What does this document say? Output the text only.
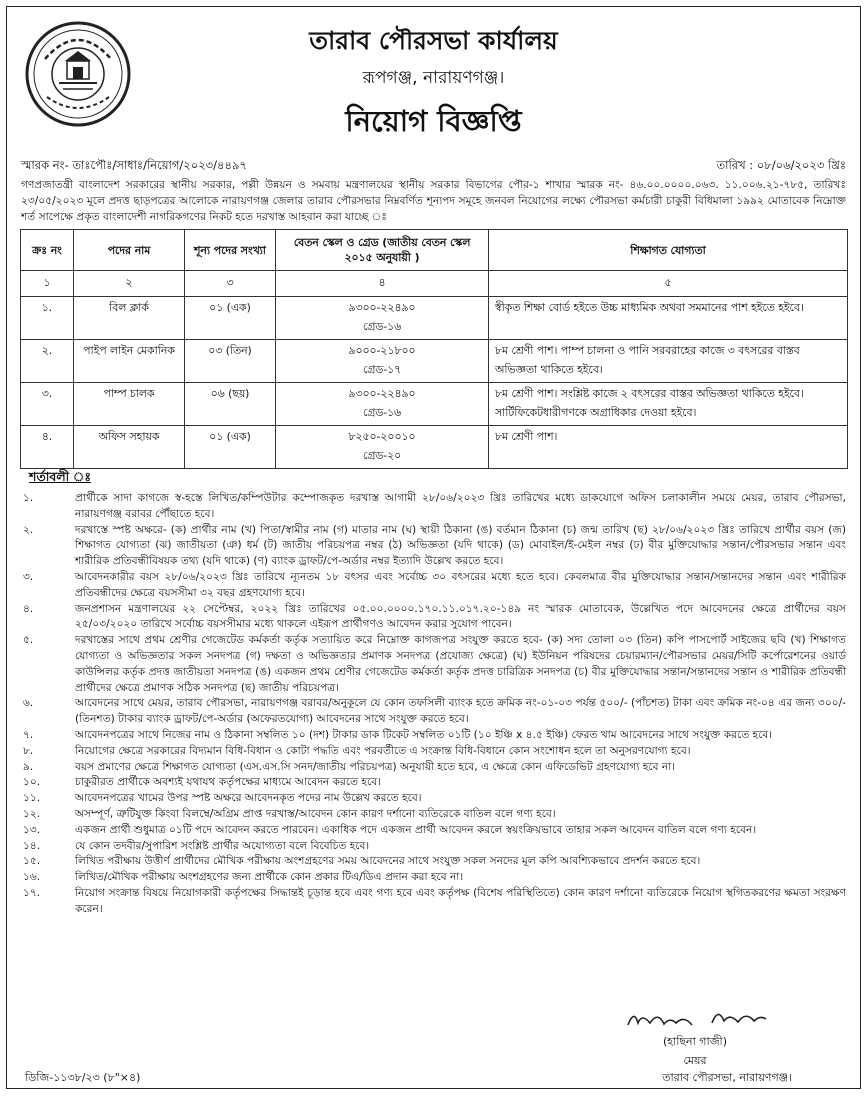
তারাব পৌরসভা কার্যালয়
রূপগঞ্জ, নারায়ণগঞ্জ।
নিয়োগ বিজ্ঞপ্তি
স্মারক নং- তাঃপৌঃ/সাধাঃ/নিয়োগ/২০২৩/৪৪৯৭	তারিখ : ০৮/০৬/২০২৩ খ্রিঃ
গণপ্রজাতন্ত্রী বাংলাদেশ সরকারের স্থানীয় সরকার, পল্লী উন্নয়ন ও সমবায় মন্ত্রণালয়ের স্থানীয় সরকার বিভাগের পৌর-১ শাখার স্মারক নং- ৪৬.০০.০০০০.০৬৩. ১১.০০৬.২১-৭৮৫, তারিখঃ ২৩/০৫/২০২৩ মূলে প্রদত্ত ছাড়পত্রের আলোকে নারায়ণগঞ্জ জেলার তারাব পৌরসভার নিম্নবর্ণিত শূন্যপদ সমূহে জনবল নিয়োগের লক্ষ্যে পৌরসভা কর্মচারী চাকুরী বিধিমালা ১৯৯২ মোতাবেক নিম্নোক্ত শর্ত সাপেক্ষে প্রকৃত বাংলাদেশী নাগরিকগণের নিকট হতে দরখাস্ত আহবান করা যাচ্ছে ঃ
ক্রঃ নং	পদের নাম	শূন্য পদের সংখ্যা	বেতন স্কেল ও গ্রেড (জাতীয় বেতন স্কেল ২০১৫ অনুযায়ী )	শিক্ষাগত যোগ্যতা
১	২	৩	৪	৫
১.	বিল ক্লার্ক	০১ (এক)	৯৩০০-২২৪৯০
গ্রেড-১৬	স্বীকৃত শিক্ষা বোর্ড হইতে উচ্চ মাধ্যমিক অথবা সমমানের পাশ হইতে হইবে।
২.	পাইপ লাইন মেকানিক	০৩ (তিন)	৯০০০-২১৮০০
গ্রেড-১৭	৮ম শ্রেণী পাশ। পাম্প চালনা ও পানি সরবরাহের কাজে ৩ বৎসরের বাস্তব অভিজ্ঞতা থাকিতে হইবে।
৩.	পাম্প চালক	০৬ (ছয়)	৯৩০০-২২৪৯০
গ্রেড-১৬	৮ম শ্রেণী পাশ। সংশ্লিষ্ট কাজে ২ বৎসরের বাস্তব অভিজ্ঞতা থাকিতে হইবে। সার্টিফিকেটধারীগণকে অগ্রাধিকার দেওয়া হইবে।
৪.	অফিস সহায়ক	০১ (এক)	৮২৫০-২০০১০
গ্রেড-২০	৮ম শ্রেণী পাশ।
শর্তাবলী ঃ
১.	প্রার্থীকে সাদা কাগজে স্ব-হস্তে লিখিত/কম্পিউটার কম্পোজকৃত দরখাস্ত আগামী ২৮/০৬/২০২৩ খ্রিঃ তারিখের মধ্যে ডাকযোগে অফিস চলাকালীন সময়ে মেয়র, তারাব পৌরসভা, নারায়ণগঞ্জ বরাবর পৌঁছাতে হবে।
২.	দরখাস্তে স্পষ্ট অক্ষরে- (ক) প্রার্থীর নাম (খ) পিতা/স্বামীর নাম (গ) মাতার নাম (ঘ) স্থায়ী ঠিকানা (ঙ) বর্তমান ঠিকানা (চ) জন্ম তারিখ (ছ) ২৮/০৬/২০২৩ খ্রিঃ তারিখে প্রার্থীর বয়স (জ) শিক্ষাগত যোগ্যতা (ঝ) জাতীয়তা (ঞ) ধর্ম (ট) জাতীয় পরিচয়পত্র নম্বর (ঠ) অভিজ্ঞতা (যদি থাকে) (ড) মোবাইল/ই-মেইল নম্বর (ঢ) বীর মুক্তিযোদ্ধার সন্তান/পৌরসভার সন্তান এবং শারীরিক প্রতিবন্ধীবিষয়ক তথ্য (যদি থাকে) (ণ) ব্যাংক ড্রাফট/পে-অর্ডার নম্বর ইত্যাদি উল্লেখ করতে হবে।
৩.	আবেদনকারীর বয়স ২৮/০৬/২০২৩ খ্রিঃ তারিখে ন্যূনতম ১৮ বৎসর এবং সর্বোচ্চ ৩০ বৎসরের মধ্যে হতে হবে। কেবলমাত্র বীর মুক্তিযোদ্ধার সন্তান/সন্তানদের সন্তান এবং শারীরিক প্রতিবন্ধীদের ক্ষেত্রে বয়সসীমা ৩২ বছর গ্রহণযোগ্য হবে।
৪.	জনপ্রশাসন মন্ত্রণালয়ের ২২ সেপ্টেম্বর, ২০২২ খ্রিঃ তারিখের ০৫.০০.০০০০.১৭০.১১.০১৭.২০-১৪৯ নং স্মারক মোতাবেক, উল্লেখিত পদে আবেদনের ক্ষেত্রে প্রার্থীদের বয়স ২৫/০৩/২০২০ তারিখে সর্বোচ্চ বয়সসীমার মধ্যে থাকলে এইরূপ প্রার্থীগণও আবেদন করার সুযোগ পাবেন।
৫.	দরখাস্তের সাথে প্রথম শ্রেণীর গেজেটেড কর্মকর্তা কর্তৃক সত্যায়িত করে নিম্নোক্ত কাগজপত্র সংযুক্ত করতে হবে- (ক) সদ্য তোলা ০৩ (তিন) কপি পাসপোর্ট সাইজের ছবি (খ) শিক্ষাগত যোগ্যতা ও অভিজ্ঞতার সকল সনদপত্র (গ) দক্ষতা ও অভিজ্ঞতার প্রমাণক সনদপত্র (প্রযোজ্য ক্ষেত্রে) (ঘ) ইউনিয়ন পরিষদের চেয়ারম্যান/পৌরসভার মেয়র/সিটি কর্পোরেশনের ওয়ার্ড কাউন্সিলর কর্তৃক প্রদত্ত জাতীয়তা সনদপত্র (ঙ) একজন প্রথম শ্রেণীর গেজেটেড কর্মকর্তা কর্তৃক প্রদত্ত চারিত্রিক সনদপত্র (চ) বীর মুক্তিযোদ্ধার সন্তান/সন্তানদের সন্তান ও শারীরিক প্রতিবন্ধী প্রার্থীদের ক্ষেত্রে প্রমাণক সঠিক সনদপত্র (ছ) জাতীয় পরিচয়পত্র।
৬.	আবেদনের সাথে মেয়র, তারাব পৌরসভা, নারায়ণগঞ্জ বরাবর/অনুকূলে যে কোন তফসিলী ব্যাংক হতে ক্রমিক নং-০১-০৩ পর্যন্ত ৫০০/- (পাঁচশত) টাকা এবং ক্রমিক নং-০৪ এর জন্য ৩০০/- (তিনশত) টাকার ব্যাংক ড্রাফট/পে-অর্ডার (অফেরতযোগ্য) আবেদনের সাথে সংযুক্ত করতে হবে।
৭.	আবেদনপত্রের সাথে নিজের নাম ও ঠিকানা সম্বলিত ১০ (দশ) টাকার ডাক টিকেট সম্বলিত ০১টি (১০ ইঞ্চি x ৪.৫ ইঞ্চি) ফেরত খাম আবেদনের সাথে সংযুক্ত করতে হবে।
৮.	নিয়োগের ক্ষেত্রে সরকারের বিদ্যমান বিধি-বিধান ও কোটা পদ্ধতি এবং পরবর্তীতে এ সংক্রান্ত বিধি-বিধানে কোন সংশোধন হলে তা অনুসরণযোগ্য হবে।
৯.	বয়স প্রমাণের ক্ষেত্রে শিক্ষাগত যোগ্যতা (এস.এস.সি সনদ/জাতীয় পরিচয়পত্র) অনুযায়ী হতে হবে, এ ক্ষেত্রে কোন এফিডেভিট গ্রহণযোগ্য হবে না।
১০.	চাকুরীরত প্রার্থীকে অবশ্যই যথাযথ কর্তৃপক্ষের মাধ্যমে আবেদন করতে হবে।
১১.	আবেদনপত্রের খামের উপর স্পষ্ট অক্ষরে আবেদনকৃত পদের নাম উল্লেখ করতে হবে।
১২.	অসম্পূর্ণ, ত্রুটিযুক্ত কিংবা বিলম্বে/অগ্রিম প্রাপ্ত দরখাস্ত/আবেদন কোন কারণ দর্শানো ব্যতিরেকে বাতিল বলে গণ্য হবে।
১৩.	একজন প্রার্থী শুধুমাত্র ০১টি পদে আবেদন করতে পারবেন। একাধিক পদে একজন প্রার্থী আবেদন করলে স্বয়ংক্রিয়ভাবে তাহার সকল আবেদন বাতিল বলে গণ্য হবেন।
১৪.	যে কোন তদবীর/সুপারিশ সংশ্লিষ্ট প্রার্থীর অযোগ্যতা বলে বিবেচিত হবে।
১৫.	লিখিত পরীক্ষায় উত্তীর্ণ প্রার্থীদের মৌখিক পরীক্ষায় অংশগ্রহণের সময় আবেদনের সাথে সংযুক্ত সকল সনদের মূল কপি আবশ্যিকভাবে প্রদর্শন করতে হবে।
১৬.	লিখিত/মৌখিক পরীক্ষায় অংশগ্রহণের জন্য প্রার্থীকে কোন প্রকার টিএ/ডিএ প্রদান করা হবে না।
১৭.	নিয়োগ সংক্রান্ত বিষয়ে নিয়োগকারী কর্তৃপক্ষের সিদ্ধান্তই চূড়ান্ত হবে এবং গণ্য হবে এবং কর্তৃপক্ষ (বিশেষ পরিস্থিতিতে) কোন কারণ দর্শানো ব্যতিরেকে নিয়োগ স্থগিতকরণের ক্ষমতা সংরক্ষণ করেন।
(হাছিনা গাজী)
মেয়র
ডিজি-১১৩৮/২৩ (৮"×৪)	তারাব পৌরসভা, নারায়ণগঞ্জ।
